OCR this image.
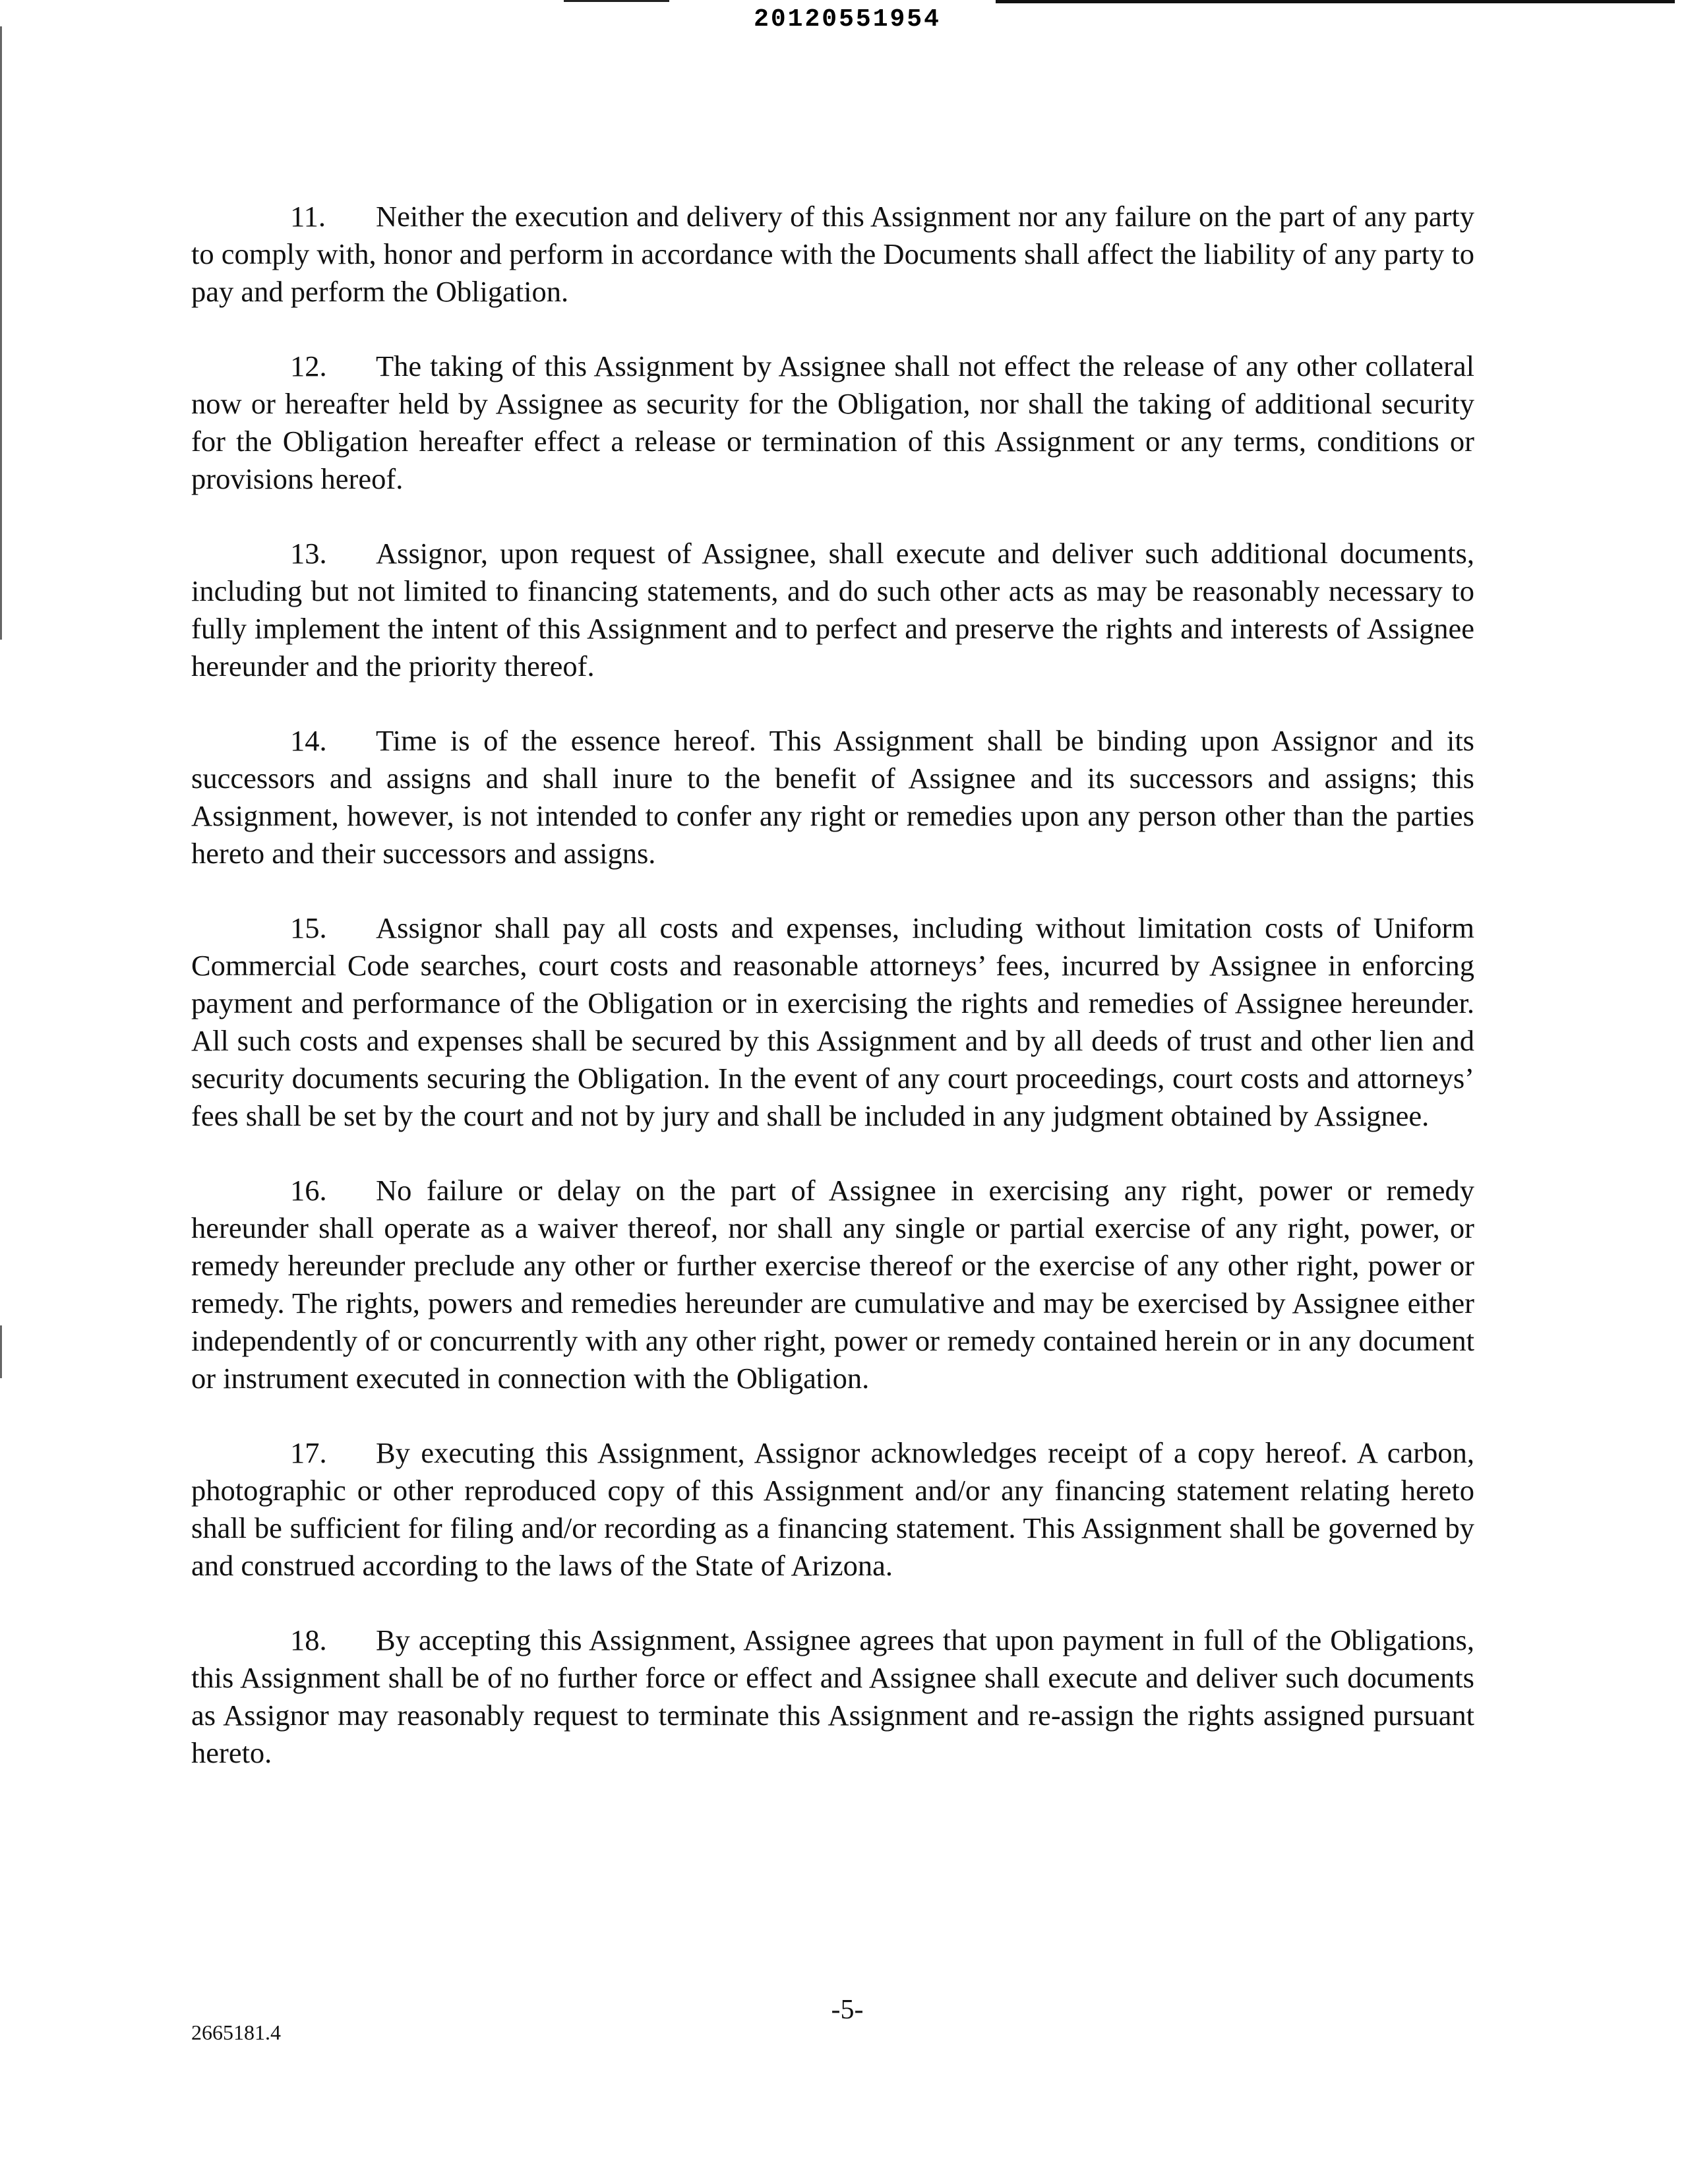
20120551954

11. Neither the execution and delivery of this Assignment nor any failure on the part of any party to comply with, honor and perform in accordance with the Documents shall affect the liability of any party to pay and perform the Obligation.

12. The taking of this Assignment by Assignee shall not effect the release of any other collateral now or hereafter held by Assignee as security for the Obligation, nor shall the taking of additional security for the Obligation hereafter effect a release or termination of this Assignment or any terms, conditions or provisions hereof.

13. Assignor, upon request of Assignee, shall execute and deliver such additional documents, including but not limited to financing statements, and do such other acts as may be reasonably necessary to fully implement the intent of this Assignment and to perfect and preserve the rights and interests of Assignee hereunder and the priority thereof.

14. Time is of the essence hereof. This Assignment shall be binding upon Assignor and its successors and assigns and shall inure to the benefit of Assignee and its successors and assigns; this Assignment, however, is not intended to confer any right or remedies upon any person other than the parties hereto and their successors and assigns.

15. Assignor shall pay all costs and expenses, including without limitation costs of Uniform Commercial Code searches, court costs and reasonable attorneys’ fees, incurred by Assignee in enforcing payment and performance of the Obligation or in exercising the rights and remedies of Assignee hereunder. All such costs and expenses shall be secured by this Assignment and by all deeds of trust and other lien and security documents securing the Obligation. In the event of any court proceedings, court costs and attorneys’ fees shall be set by the court and not by jury and shall be included in any judgment obtained by Assignee.

16. No failure or delay on the part of Assignee in exercising any right, power or remedy hereunder shall operate as a waiver thereof, nor shall any single or partial exercise of any right, power, or remedy hereunder preclude any other or further exercise thereof or the exercise of any other right, power or remedy. The rights, powers and remedies hereunder are cumulative and may be exercised by Assignee either independently of or concurrently with any other right, power or remedy contained herein or in any document or instrument executed in connection with the Obligation.

17. By executing this Assignment, Assignor acknowledges receipt of a copy hereof. A carbon, photographic or other reproduced copy of this Assignment and/or any financing statement relating hereto shall be sufficient for filing and/or recording as a financing statement. This Assignment shall be governed by and construed according to the laws of the State of Arizona.

18. By accepting this Assignment, Assignee agrees that upon payment in full of the Obligations, this Assignment shall be of no further force or effect and Assignee shall execute and deliver such documents as Assignor may reasonably request to terminate this Assignment and re-assign the rights assigned pursuant hereto.

-5-
2665181.4
